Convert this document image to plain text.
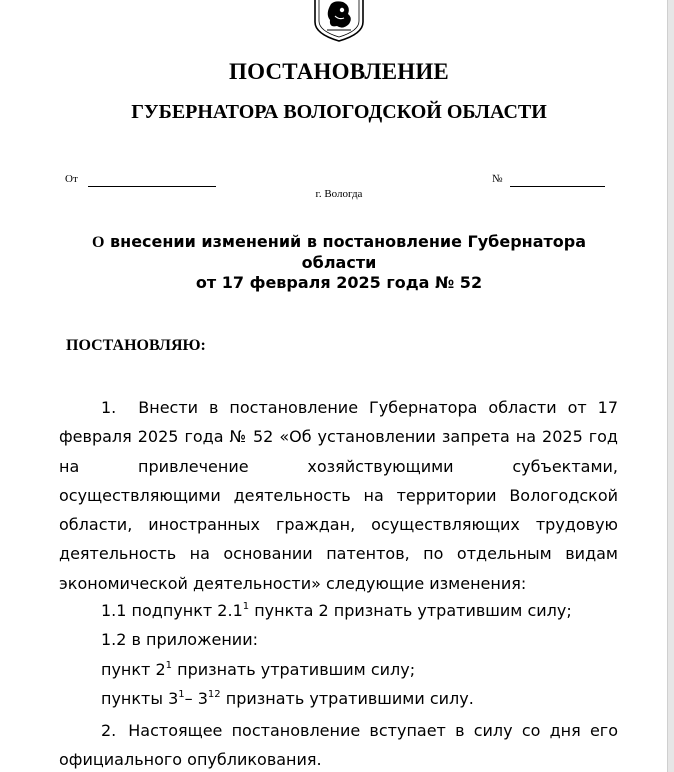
ПОСТАНОВЛЕНИЕ
ГУБЕРНАТОРА ВОЛОГОДСКОЙ ОБЛАСТИ
От	№
г. Вологда
О внесении изменений в постановление Губернатора области
от 17 февраля 2025 года № 52
ПОСТАНОВЛЯЮ:

1. Внести в постановление Губернатора области от 17 февраля 2025 года № 52 «Об установлении запрета на 2025 год на привлечение хозяйствующими субъектами, осуществляющими деятельность на территории Вологодской области, иностранных граждан, осуществляющих трудовую деятельность на основании патентов, по отдельным видам экономической деятельности» следующие изменения:

1.1 подпункт $2.1^1$ пункта 2 признать утратившим силу;
1.2 в приложении:
пункт $2^1$ признать утратившим силу;
пункты $3^1-$ $3^{12}$ признать утратившими силу.

2. Настоящее постановление вступает в силу со дня его официального опубликования.
